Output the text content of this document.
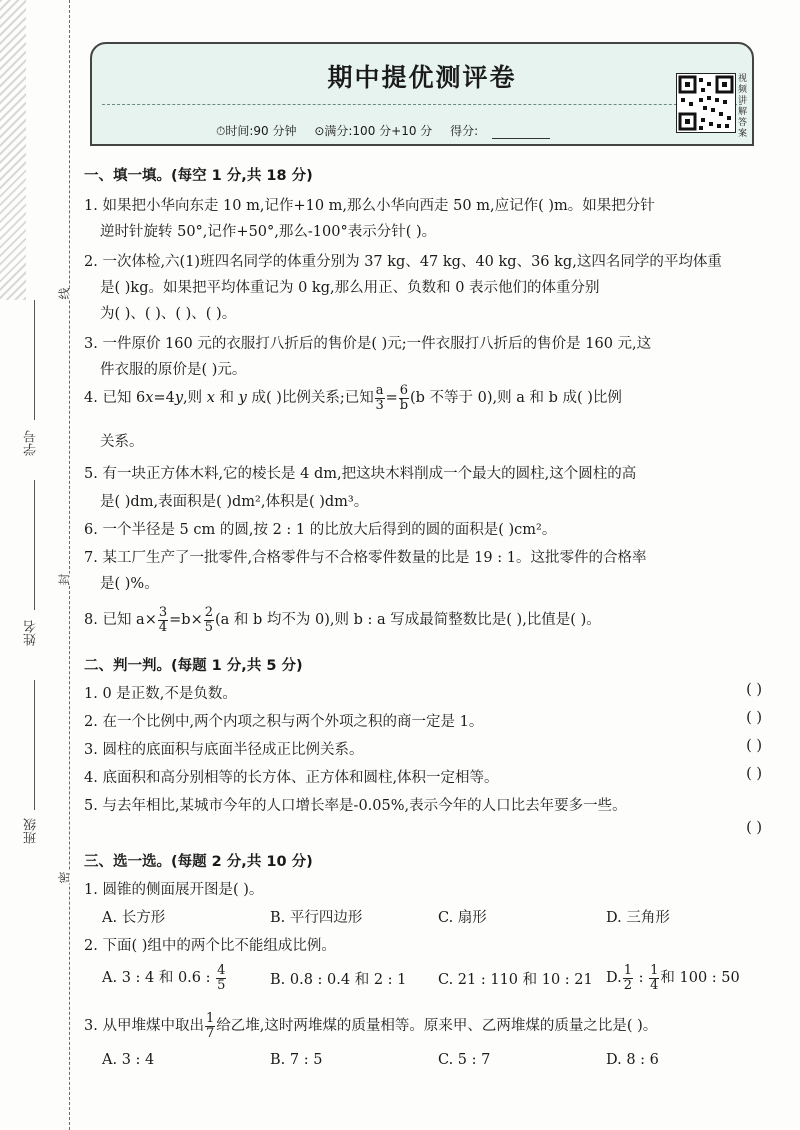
学号
姓名
班级
线
封
密
期中提优测评卷
⏱时间:90 分钟 ⊙满分:100 分+10 分 得分:
视频讲解答案
一、填一填。(每空 1 分,共 18 分)
1. 如果把小华向东走 10 m,记作+10 m,那么小华向西走 50 m,应记作( )m。如果把分针
逆时针旋转 50°,记作+50°,那么-100°表示分针( )。
2. 一次体检,六(1)班四名同学的体重分别为 37 kg、47 kg、40 kg、36 kg,这四名同学的平均体重
是( )kg。如果把平均体重记为 0 kg,那么用正、负数和 0 表示他们的体重分别
为( )、( )、( )、( )。
3. 一件原价 160 元的衣服打八折后的售价是( )元;一件衣服打八折后的售价是 160 元,这
件衣服的原价是( )元。
4. 已知 6x=4y,则 x 和 y 成( )比例关系;已知 $\frac{a}{3} = \frac{6}{b} (b$ 不等于 0),则 a 和 b 成( )比例
关系。
5. 有一块正方体木料,它的棱长是 4 dm,把这块木料削成一个最大的圆柱,这个圆柱的高
是( )dm,表面积是( )dm²,体积是( )dm³。
6. 一个半径是 5 cm 的圆,按 2 : 1 的比放大后得到的圆的面积是( )cm²。
7. 某工厂生产了一批零件,合格零件与不合格零件数量的比是 19 : 1。这批零件的合格率
是( )%。
8. 已知 $a\times \frac{3}{4} =b\times \frac{2}{5} (a$ 和 b 均不为 0),则 b : a 写成最简整数比是( ),比值是( )。
二、判一判。(每题 1 分,共 5 分)
1. 0 是正数,不是负数。	( )
2. 在一个比例中,两个内项之积与两个外项之积的商一定是 1。	( )
3. 圆柱的底面积与底面半径成正比例关系。	( )
4. 底面积和高分别相等的长方体、正方体和圆柱,体积一定相等。	( )
5. 与去年相比,某城市今年的人口增长率是-0.05%,表示今年的人口比去年要多一些。
( )
三、选一选。(每题 2 分,共 10 分)
1. 圆锥的侧面展开图是( )。
A. 长方形	B. 平行四边形	C. 扇形	D. 三角形
2. 下面( )组中的两个比不能组成比例。
A. 3 : 4 和 0.6 : $\frac{4}{5}$	B. 0.8 : 0.4 和 2 : 1 C. 21 : 110 和 10 : 21 D. $\frac{1}{2}$ : $\frac{1}{4}$ 和 100 : 50
3. 从甲堆煤中取出 $\frac{1}{7}$ 给乙堆,这时两堆煤的质量相等。原来甲、乙两堆煤的质量之比是( )。
A. 3 : 4	B. 7 : 5	C. 5 : 7	D. 8 : 6
